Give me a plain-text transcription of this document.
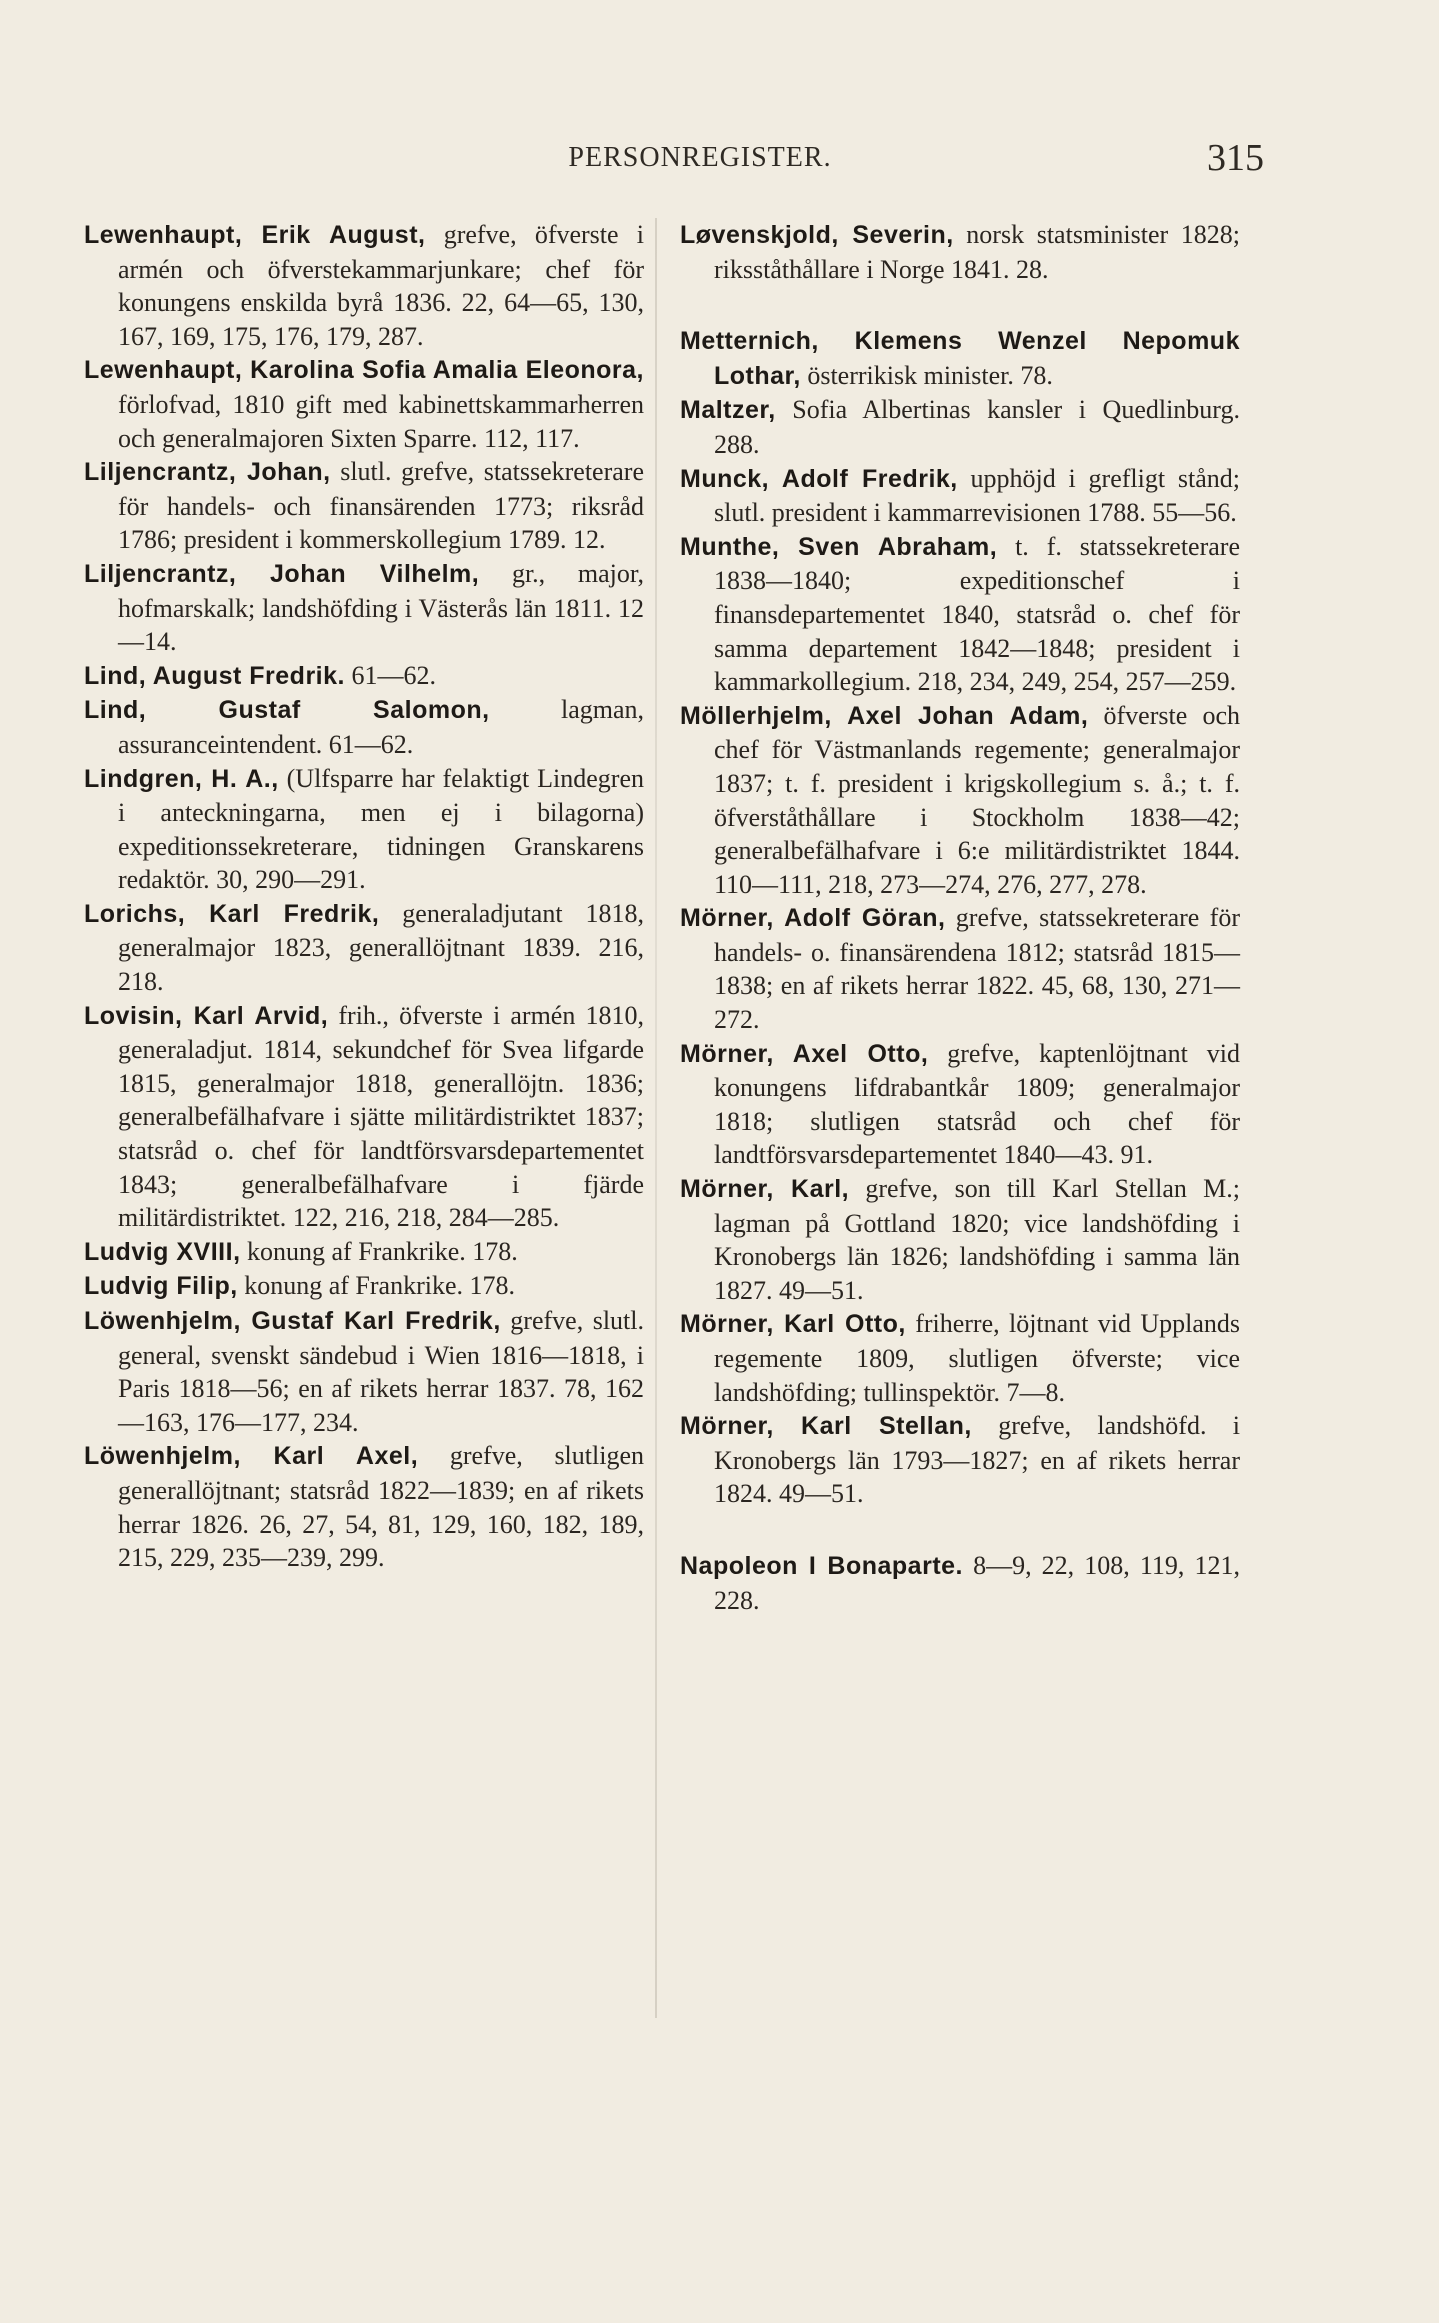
PERSONREGISTER.	315

Lewenhaupt, Erik August, grefve, öfverste i armén och öfverstekammarjunkare; chef för konungens enskilda byrå 1836. 22, 64—65, 130, 167, 169, 175, 176, 179, 287.

Lewenhaupt, Karolina Sofia Amalia Eleonora, förlofvad, 1810 gift med kabinettskammarherren och generalmajoren Sixten Sparre. 112, 117.

Liljencrantz, Johan, slutl. grefve, statssekreterare för handels- och finansärenden 1773; riksråd 1786; president i kommerskollegium 1789. 12.

Liljencrantz, Johan Vilhelm, gr., major, hofmarskalk; landshöfding i Västerås län 1811. 12—14.

Lind, August Fredrik. 61—62.

Lind, Gustaf Salomon, lagman, assuranceintendent. 61—62.

Lindgren, H. A., (Ulfsparre har felaktigt Lindegren i anteckningarna, men ej i bilagorna) expeditionssekreterare, tidningen Granskarens redaktör. 30, 290—291.

Lorichs, Karl Fredrik, generaladjutant 1818, generalmajor 1823, generallöjtnant 1839. 216, 218.

Lovisin, Karl Arvid, frih., öfverste i armén 1810, generaladjut. 1814, sekundchef för Svea lifgarde 1815, generalmajor 1818, generallöjtn. 1836; generalbefälhafvare i sjätte militärdistriktet 1837; statsråd o. chef för landtförsvarsdepartementet 1843; generalbefälhafvare i fjärde militärdistriktet. 122, 216, 218, 284—285.

Ludvig XVIII, konung af Frankrike. 178.

Ludvig Filip, konung af Frankrike. 178.

Löwenhjelm, Gustaf Karl Fredrik, grefve, slutl. general, svenskt sändebud i Wien 1816—1818, i Paris 1818—56; en af rikets herrar 1837. 78, 162—163, 176—177, 234.

Löwenhjelm, Karl Axel, grefve, slutligen generallöjtnant; statsråd 1822—1839; en af rikets herrar 1826. 26, 27, 54, 81, 129, 160, 182, 189, 215, 229, 235—239, 299.

Løvenskjold, Severin, norsk statsminister 1828; riksståthållare i Norge 1841. 28.

Metternich, Klemens Wenzel Nepomuk Lothar, österrikisk minister. 78.

Maltzer, Sofia Albertinas kansler i Quedlinburg. 288.

Munck, Adolf Fredrik, upphöjd i grefligt stånd; slutl. president i kammarrevisionen 1788. 55—56.

Munthe, Sven Abraham, t. f. statssekreterare 1838—1840; expeditionschef i finansdepartementet 1840, statsråd o. chef för samma departement 1842—1848; president i kammarkollegium. 218, 234, 249, 254, 257—259.

Möllerhjelm, Axel Johan Adam, öfverste och chef för Västmanlands regemente; generalmajor 1837; t. f. president i krigskollegium s. å.; t. f. öfverståthållare i Stockholm 1838—42; generalbefälhafvare i 6:e militärdistriktet 1844. 110—111, 218, 273—274, 276, 277, 278.

Mörner, Adolf Göran, grefve, statssekreterare för handels- o. finansärendena 1812; statsråd 1815—1838; en af rikets herrar 1822. 45, 68, 130, 271—272.

Mörner, Axel Otto, grefve, kaptenlöjtnant vid konungens lifdrabantkår 1809; generalmajor 1818; slutligen statsråd och chef för landtförsvarsdepartementet 1840—43. 91.

Mörner, Karl, grefve, son till Karl Stellan M.; lagman på Gottland 1820; vice landshöfding i Kronobergs län 1826; landshöfding i samma län 1827. 49—51.

Mörner, Karl Otto, friherre, löjtnant vid Upplands regemente 1809, slutligen öfverste; vice landshöfding; tullinspektör. 7—8.

Mörner, Karl Stellan, grefve, landshöfd. i Kronobergs län 1793—1827; en af rikets herrar 1824. 49—51.

Napoleon I Bonaparte. 8—9, 22, 108, 119, 121, 228.
